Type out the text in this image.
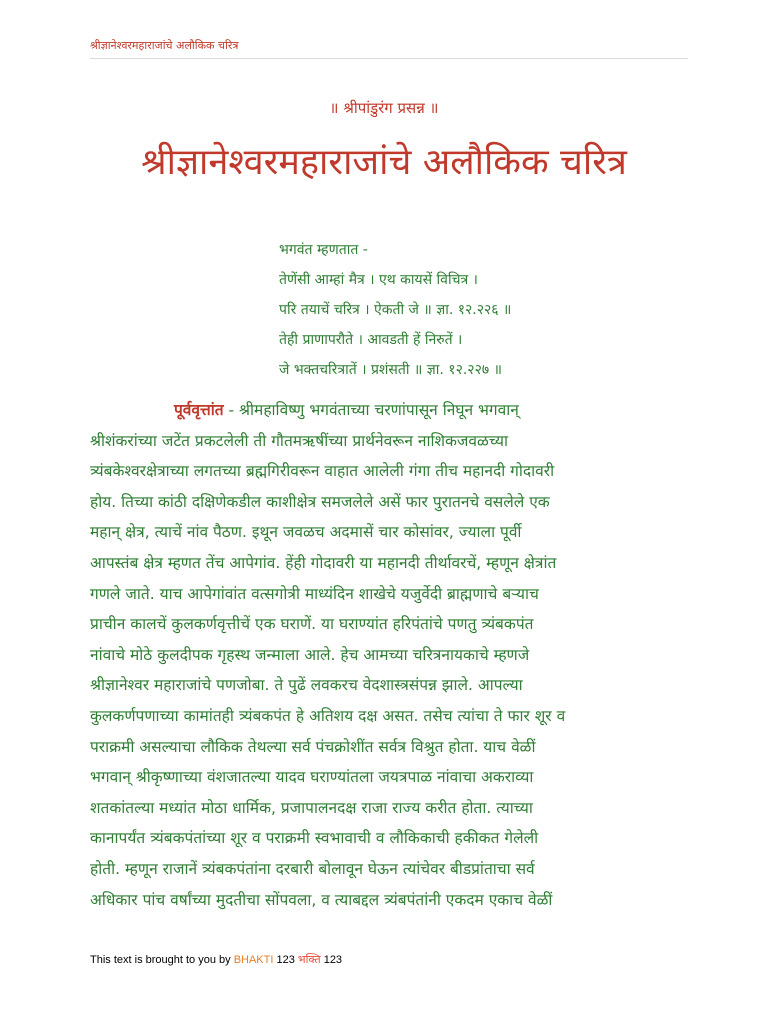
श्रीज्ञानेश्वरमहाराजांचे अलौकिक चरित्र
॥ श्रीपांडुरंग प्रसन्न ॥
श्रीज्ञानेश्वरमहाराजांचे अलौकिक चरित्र
भगवंत म्हणतात -
तेणेंसी आम्हां मैत्र । एथ कायसें विचित्र ।
परि तयाचें चरित्र । ऐकती जे ॥ ज्ञा. १२.२२६ ॥
तेही प्राणापरौते । आवडती हें निरुतें ।
जे भक्तचरित्रातें । प्रशंसती ॥ ज्ञा. १२.२२७ ॥
पूर्ववृत्तांत - श्रीमहाविष्णु भगवंताच्या चरणांपासून निघून भगवान्
श्रीशंकरांच्या जटेंत प्रकटलेली ती गौतमऋषींच्या प्रार्थनेवरून नाशिकजवळच्या
त्र्यंबकेश्वरक्षेत्राच्या लगतच्या ब्रह्मगिरीवरून वाहात आलेली गंगा तीच महानदी गोदावरी
होय. तिच्या कांठी दक्षिणेकडील काशीक्षेत्र समजलेले असें फार पुरातनचे वसलेले एक
महान् क्षेत्र, त्याचें नांव पैठण. इथून जवळच अदमासें चार कोसांवर, ज्याला पूर्वी
आपस्तंब क्षेत्र म्हणत तेंच आपेगांव. हेंही गोदावरी या महानदी तीर्थावरचें, म्हणून क्षेत्रांत
गणले जाते. याच आपेगांवांत वत्सगोत्री माध्यंदिन शाखेचे यजुर्वेदी ब्राह्मणाचे बऱ्याच
प्राचीन कालचें कुलकर्णवृत्तीचें एक घराणें. या घराण्यांत हरिपंतांचे पणतु त्र्यंबकपंत
नांवाचे मोठे कुलदीपक गृहस्थ जन्माला आले. हेच आमच्या चरित्रनायकाचे म्हणजे
श्रीज्ञानेश्वर महाराजांचे पणजोबा. ते पुढें लवकरच वेदशास्त्रसंपन्न झाले. आपल्या
कुलकर्णपणाच्या कामांतही त्र्यंबकपंत हे अतिशय दक्ष असत. तसेच त्यांचा ते फार शूर व
पराक्रमी असल्याचा लौकिक तेथल्या सर्व पंचक्रोशींत सर्वत्र विश्रुत होता. याच वेळीं
भगवान् श्रीकृष्णाच्या वंशजातल्या यादव घराण्यांतला जयत्रपाळ नांवाचा अकराव्या
शतकांतल्या मध्यांत मोठा धार्मिक, प्रजापालनदक्ष राजा राज्य करीत होता. त्याच्या
कानापर्यंत त्र्यंबकपंतांच्या शूर व पराक्रमी स्वभावाची व लौकिकाची हकीकत गेलेली
होती. म्हणून राजानें त्र्यंबकपंतांना दरबारी बोलावून घेऊन त्यांचेवर बीडप्रांताचा सर्व
अधिकार पांच वर्षांच्या मुदतीचा सोंपवला, व त्याबद्दल त्र्यंबपंतांनी एकदम एकाच वेळीं
This text is brought to you by BHAKTI 123 भक्ति 123
